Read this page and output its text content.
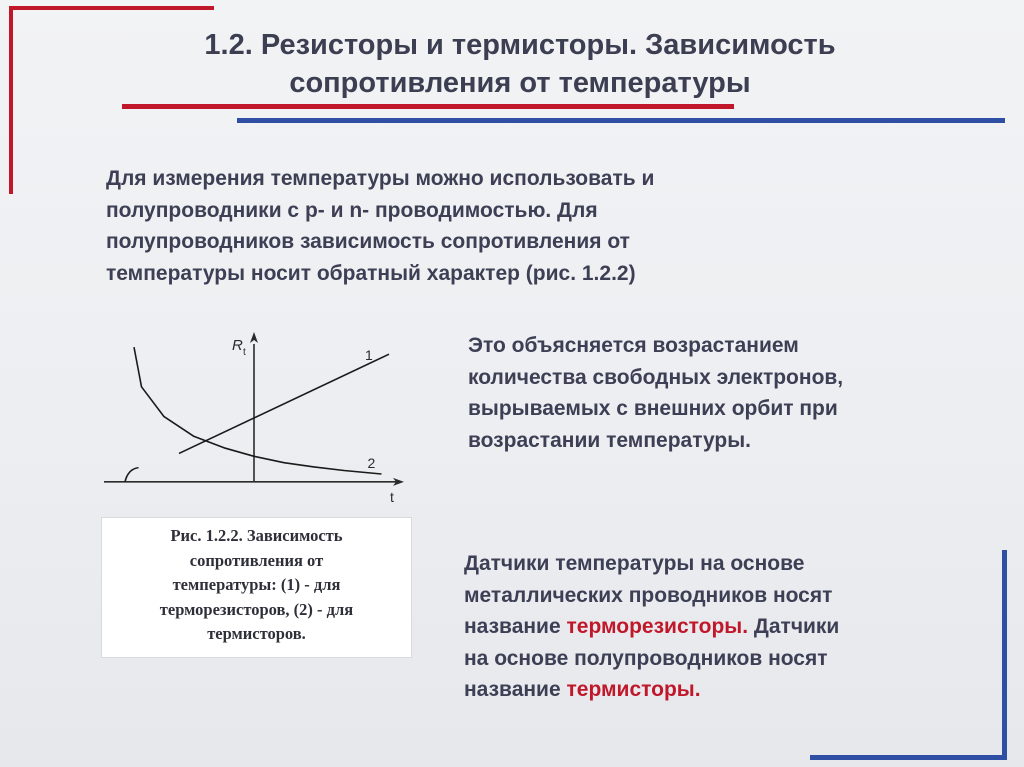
1.2. Резисторы и термисторы. Зависимость
сопротивления от температуры

Для измерения температуры можно использовать и
полупроводники с p- и n- проводимостью. Для
полупроводников зависимость сопротивления от
температуры носит обратный характер (рис. 1.2.2)

R t
t
1
2

Это объясняется возрастанием
количества свободных электронов,
вырываемых с внешних орбит при
возрастании температуры.

Рис. 1.2.2. Зависимость
сопротивления от
температуры: (1) - для
терморезисторов, (2) - для
термисторов.

Датчики температуры на основе
металлических проводников носят
название терморезисторы. Датчики
на основе полупроводников носят
название термисторы.
